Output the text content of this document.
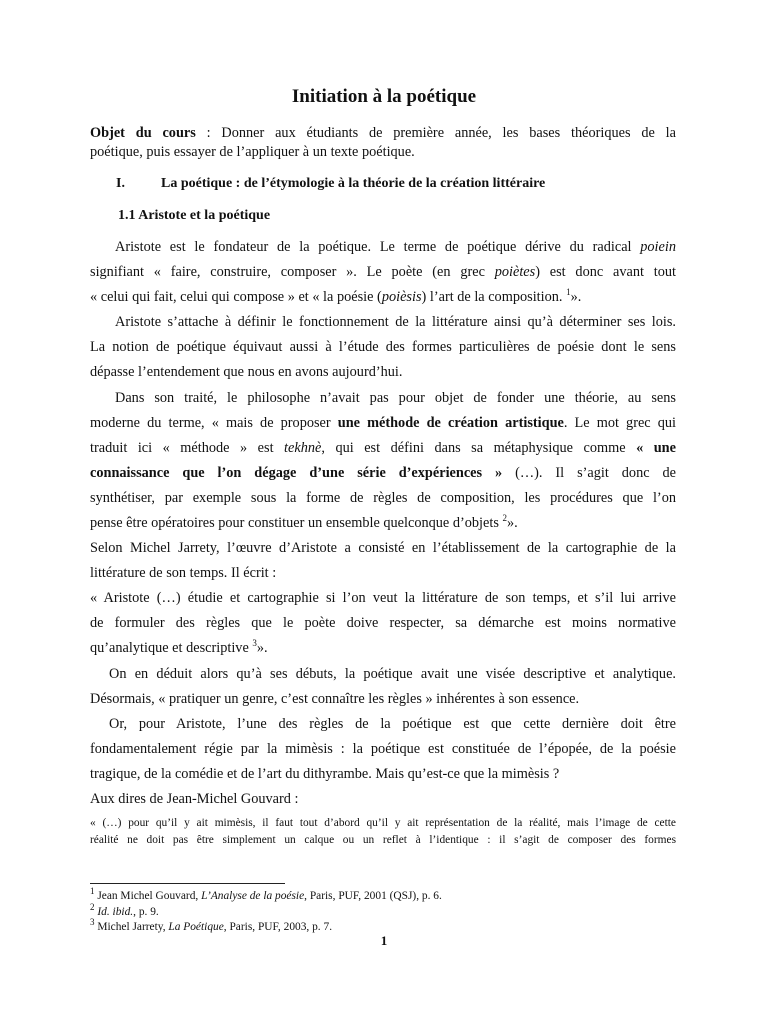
Initiation à la poétique
Objet du cours : Donner aux étudiants de première année, les bases théoriques de la
poétique, puis essayer de l’appliquer à un texte poétique.
I.	La poétique : de l’étymologie à la théorie de la création littéraire
1.1 Aristote et la poétique
Aristote est le fondateur de la poétique. Le terme de poétique dérive du radical poiein
signifiant « faire, construire, composer ». Le poète (en grec poiètes) est donc avant tout
« celui qui fait, celui qui compose » et « la poésie (poièsis) l’art de la composition. $^1$».
Aristote s’attache à définir le fonctionnement de la littérature ainsi qu’à déterminer ses lois.
La notion de poétique équivaut aussi à l’étude des formes particulières de poésie dont le sens
dépasse l’entendement que nous en avons aujourd’hui.
Dans son traité, le philosophe n’avait pas pour objet de fonder une théorie, au sens
moderne du terme, « mais de proposer une méthode de création artistique. Le mot grec qui
traduit ici « méthode » est tekhnè, qui est défini dans sa métaphysique comme « une
connaissance que l’on dégage d’une série d’expériences » (…). Il s’agit donc de
synthétiser, par exemple sous la forme de règles de composition, les procédures que l’on
pense être opératoires pour constituer un ensemble quelconque d’objets $^2$».
Selon Michel Jarrety, l’œuvre d’Aristote a consisté en l’établissement de la cartographie de la
littérature de son temps. Il écrit :
« Aristote (…) étudie et cartographie si l’on veut la littérature de son temps, et s’il lui arrive
de formuler des règles que le poète doive respecter, sa démarche est moins normative
qu’analytique et descriptive $^3$».
On en déduit alors qu’à ses débuts, la poétique avait une visée descriptive et analytique.
Désormais, « pratiquer un genre, c’est connaître les règles » inhérentes à son essence.
Or, pour Aristote, l’une des règles de la poétique est que cette dernière doit être
fondamentalement régie par la mimèsis : la poétique est constituée de l’épopée, de la poésie
tragique, de la comédie et de l’art du dithyrambe. Mais qu’est-ce que la mimèsis ?
Aux dires de Jean-Michel Gouvard :
« (…) pour qu’il y ait mimèsis, il faut tout d’abord qu’il y ait représentation de la réalité, mais l’image de cette
réalité ne doit pas être simplement un calque ou un reflet à l’identique : il s’agit de composer des formes
$^1$ Jean Michel Gouvard, L’Analyse de la poésie, Paris, PUF, 2001 (QSJ), p. 6.
$^2$ Id. ibid., p. 9.
$^3$ Michel Jarrety, La Poétique, Paris, PUF, 2003, p. 7.
1
